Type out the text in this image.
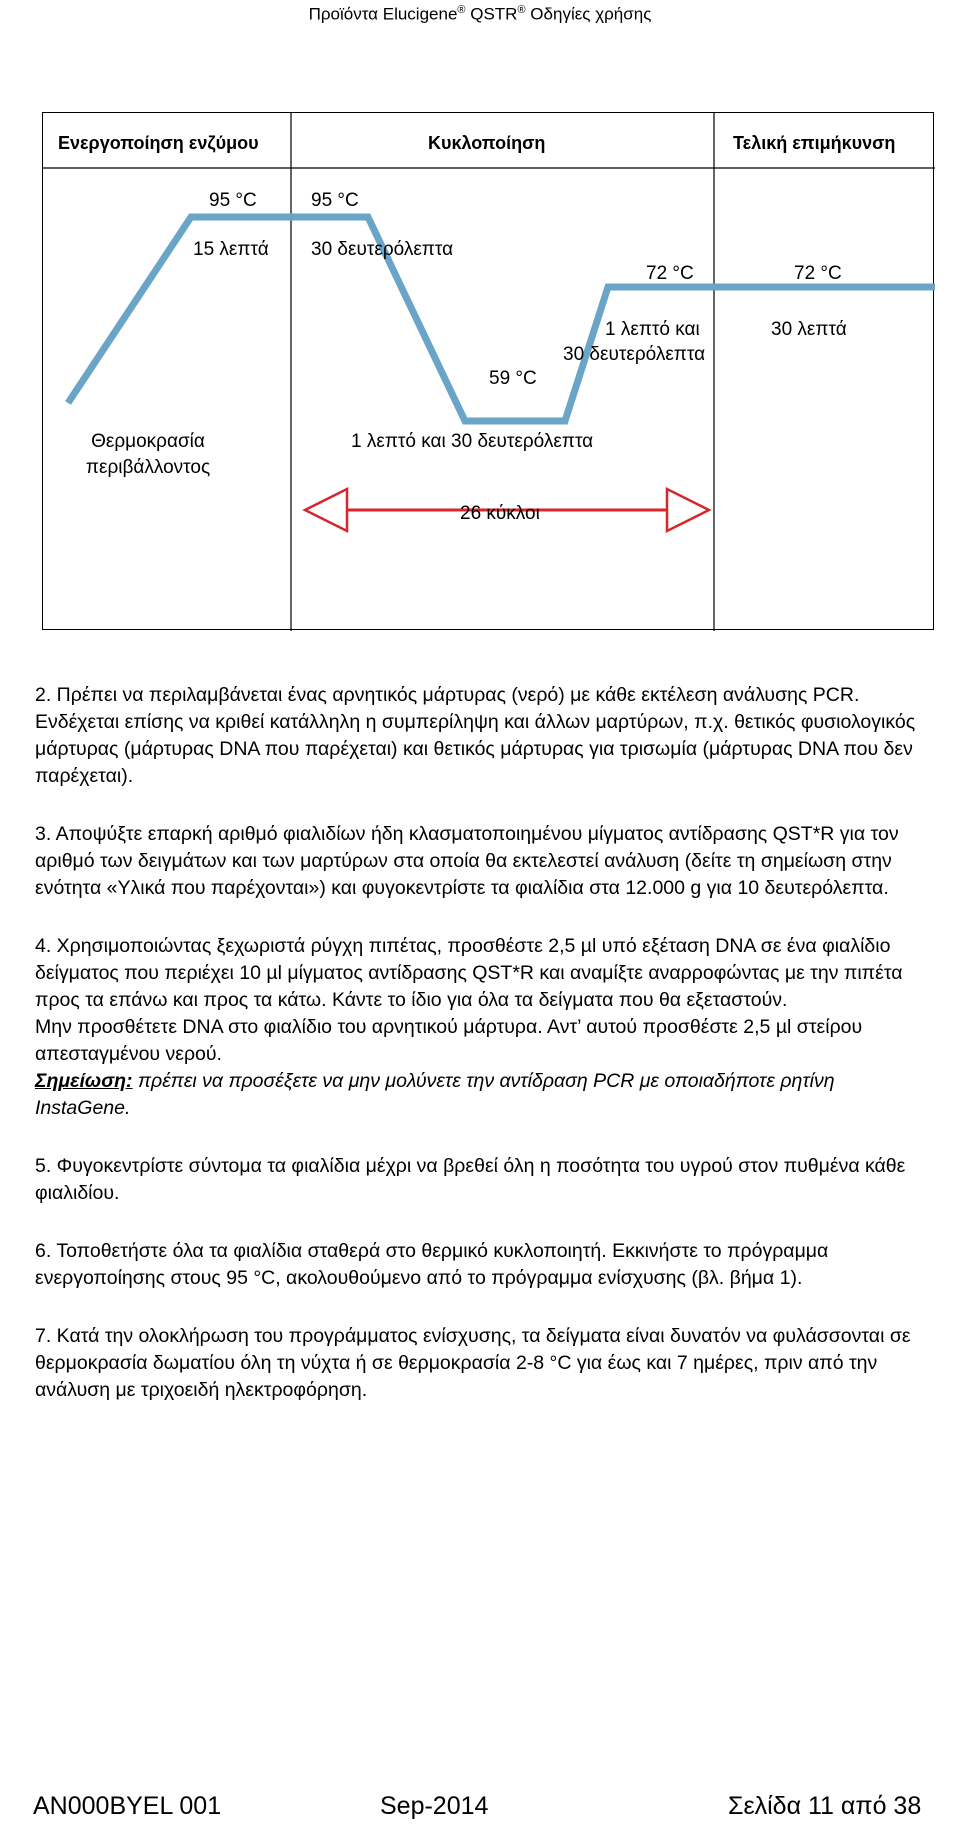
Προϊόντα Elucigene® QSTR® Οδηγίες χρήσης
Ενεργοποίηση ενζύμου	Κυκλοποίηση	Τελική επιμήκυνση
95 °C	95 °C
15 λεπτά 30 δευτερόλεπτα
72 °C	72 °C
1 λεπτό και
30 δευτερόλεπτα
30 λεπτά
59 °C
Θερμοκρασία
περιβάλλοντος
1 λεπτό και 30 δευτερόλεπτα
26 κύκλοι

2. Πρέπει να περιλαμβάνεται ένας αρνητικός μάρτυρας (νερό) με κάθε εκτέλεση ανάλυσης PCR. Ενδέχεται επίσης να κριθεί κατάλληλη η συμπερίληψη και άλλων μαρτύρων, π.χ. θετικός φυσιολογικός μάρτυρας (μάρτυρας DNA που παρέχεται) και θετικός μάρτυρας για τρισωμία (μάρτυρας DNA που δεν παρέχεται).

3. Αποψύξτε επαρκή αριθμό φιαλιδίων ήδη κλασματοποιημένου μίγματος αντίδρασης QST*R για τον αριθμό των δειγμάτων και των μαρτύρων στα οποία θα εκτελεστεί ανάλυση (δείτε τη σημείωση στην ενότητα «Υλικά που παρέχονται») και φυγοκεντρίστε τα φιαλίδια στα 12.000 g για 10 δευτερόλεπτα.

4. Χρησιμοποιώντας ξεχωριστά ρύγχη πιπέτας, προσθέστε 2,5 µl υπό εξέταση DNA σε ένα φιαλίδιο δείγματος που περιέχει 10 µl μίγματος αντίδρασης QST*R και αναμίξτε αναρροφώντας με την πιπέτα προς τα επάνω και προς τα κάτω. Κάντε το ίδιο για όλα τα δείγματα που θα εξεταστούν.
Μην προσθέτετε DNA στο φιαλίδιο του αρνητικού μάρτυρα. Αντ’ αυτού προσθέστε 2,5 µl στείρου απεσταγμένου νερού.
Σημείωση: πρέπει να προσέξετε να μην μολύνετε την αντίδραση PCR με οποιαδήποτε ρητίνη InstaGene.

5. Φυγοκεντρίστε σύντομα τα φιαλίδια μέχρι να βρεθεί όλη η ποσότητα του υγρού στον πυθμένα κάθε φιαλιδίου.

6. Τοποθετήστε όλα τα φιαλίδια σταθερά στο θερμικό κυκλοποιητή. Εκκινήστε το πρόγραμμα ενεργοποίησης στους 95 °C, ακολουθούμενο από το πρόγραμμα ενίσχυσης (βλ. βήμα 1).

7. Κατά την ολοκλήρωση του προγράμματος ενίσχυσης, τα δείγματα είναι δυνατόν να φυλάσσονται σε θερμοκρασία δωματίου όλη τη νύχτα ή σε θερμοκρασία 2-8 °C για έως και 7 ημέρες, πριν από την ανάλυση με τριχοειδή ηλεκτροφόρηση.

AN000BYEL 001	Sep-2014	Σελίδα 11 από 38
